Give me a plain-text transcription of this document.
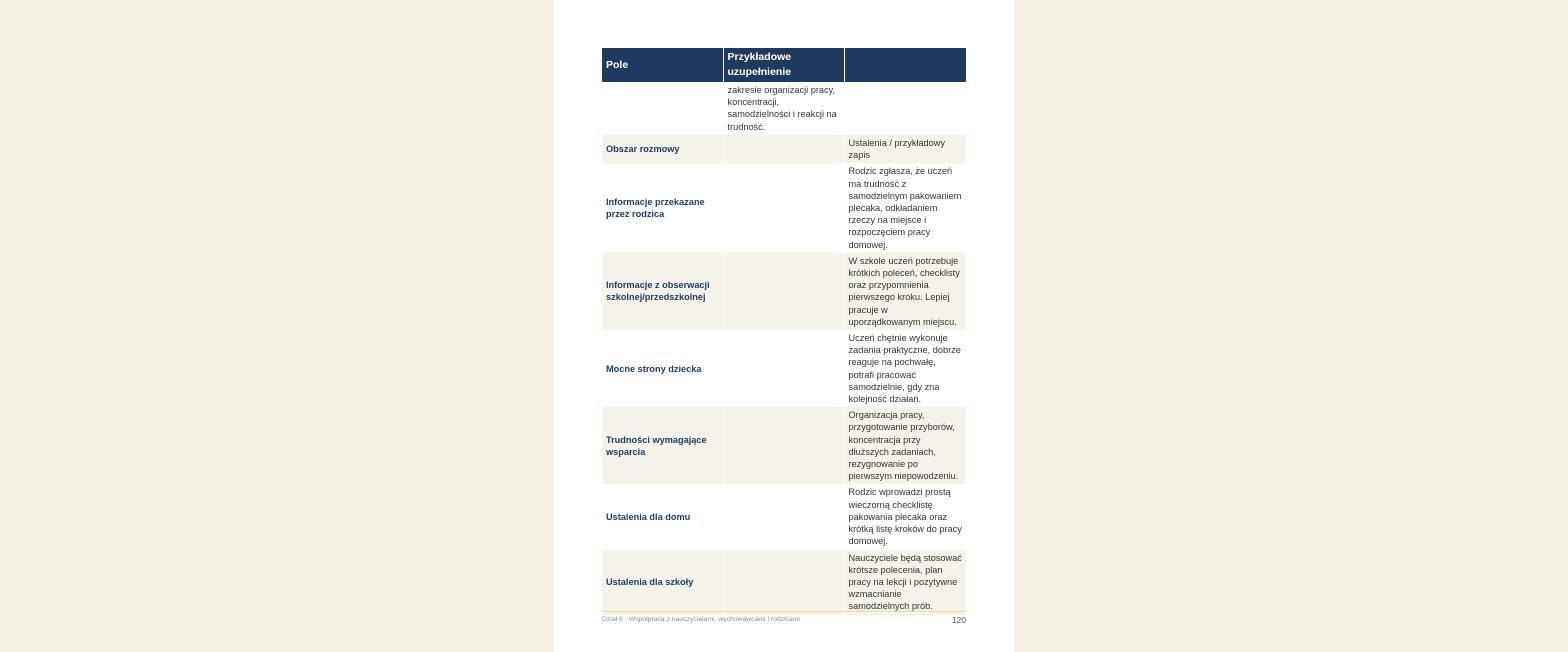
Pole	Przykładowe uzupełnienie	
	zakresie organizacji pracy, koncentracji, samodzielności i reakcji na trudność.	
Obszar rozmowy		Ustalenia / przykładowy zapis
Informacje przekazane przez rodzica		Rodzic zgłasza, że uczeń ma trudność z samodzielnym pakowaniem plecaka, odkładaniem rzeczy na miejsce i rozpoczęciem pracy domowej.
Informacje z obserwacji szkolnej/przedszkolnej		W szkole uczeń potrzebuje krótkich poleceń, checklisty oraz przypomnienia pierwszego kroku. Lepiej pracuje w uporządkowanym miejscu.
Mocne strony dziecka		Uczeń chętnie wykonuje zadania praktyczne, dobrze reaguje na pochwałę, potrafi pracować samodzielnie, gdy zna kolejność działań.
Trudności wymagające wsparcia		Organizacja pracy, przygotowanie przyborów, koncentracja przy dłuższych zadaniach, rezygnowanie po pierwszym niepowodzeniu.
Ustalenia dla domu		Rodzic wprowadzi prostą wieczorną checklistę pakowania plecaka oraz krótką listę kroków do pracy domowej.
Ustalenia dla szkoły		Nauczyciele będą stosować krótsze polecenia, plan pracy na lekcji i pozytywne wzmacnianie samodzielnych prób.
Dział 6 · Współpraca z nauczycielami, wychowawcami i rodzicami	120
